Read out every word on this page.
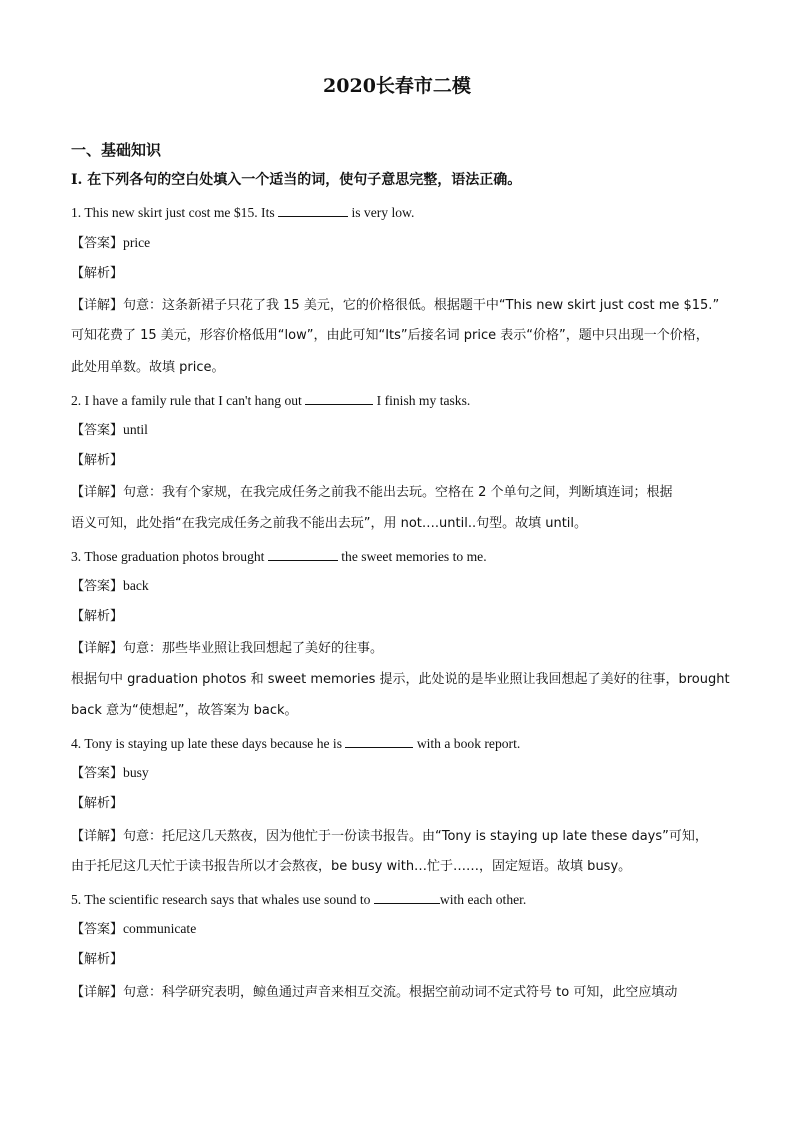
2020长春市二模
一、基础知识
I. 在下列各句的空白处填入一个适当的词，使句子意思完整，语法正确。
1. This new skirt just cost me $15. Its	is very low.
【答案】price
【解析】
【详解】句意：这条新裙子只花了我 15 美元，它的价格很低。根据题干中“This new skirt just cost me $15.”
可知花费了 15 美元，形容价格低用“low”，由此可知“Its”后接名词 price 表示“价格”，题中只出现一个价格，
此处用单数。故填 price。
2. I have a family rule that I can't hang out	I finish my tasks.
【答案】until
【解析】
【详解】句意：我有个家规，在我完成任务之前我不能出去玩。空格在 2 个单句之间，判断填连词；根据
语义可知，此处指“在我完成任务之前我不能出去玩”，用 not….until..句型。故填 until。
3. Those graduation photos brought	the sweet memories to me.
【答案】back
【解析】
【详解】句意：那些毕业照让我回想起了美好的往事。
根据句中 graduation photos 和 sweet memories 提示，此处说的是毕业照让我回想起了美好的往事，brought
back 意为“使想起”，故答案为 back。
4. Tony is staying up late these days because he is	with a book report.
【答案】busy
【解析】
【详解】句意：托尼这几天熬夜，因为他忙于一份读书报告。由“Tony is staying up late these days”可知，
由于托尼这几天忙于读书报告所以才会熬夜，be busy with…忙于……，固定短语。故填 busy。
5. The scientific research says that whales use sound to	with each other.
【答案】communicate
【解析】
【详解】句意：科学研究表明，鲸鱼通过声音来相互交流。根据空前动词不定式符号 to 可知，此空应填动
